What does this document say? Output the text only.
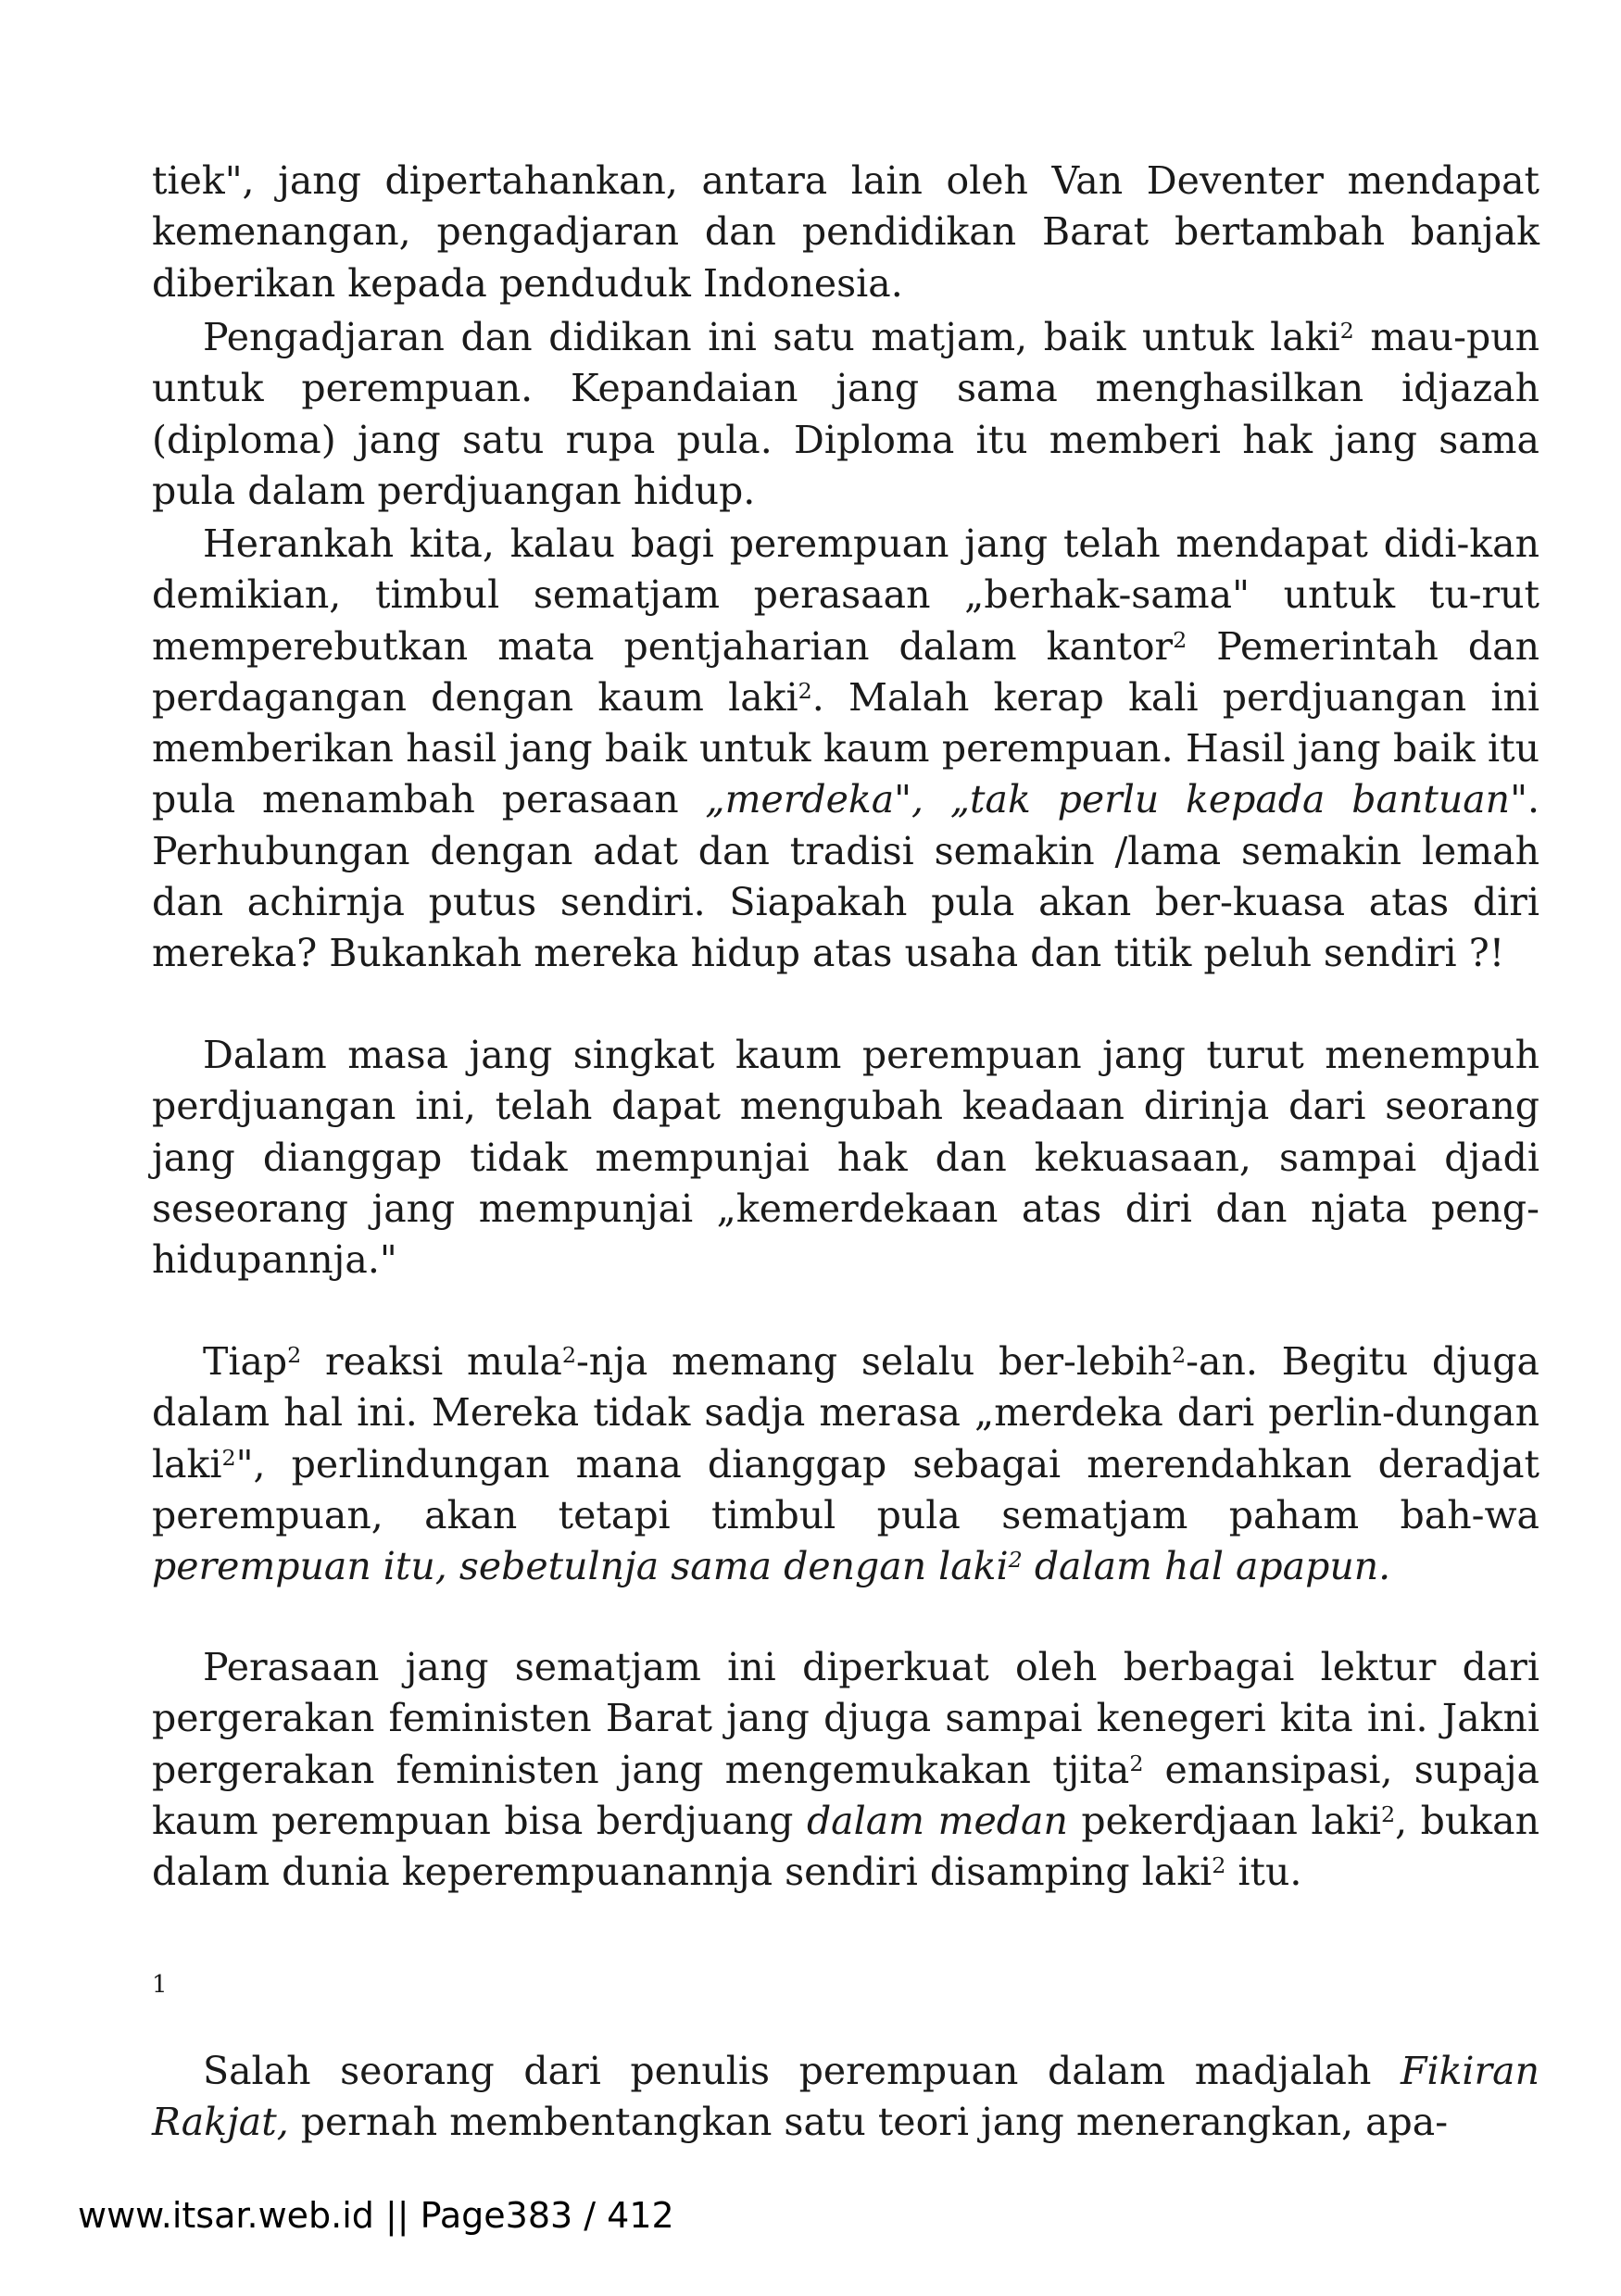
tiek", jang dipertahankan, antara lain oleh Van Deventer mendapat kemenangan, pengadjaran dan pendidikan Barat bertambah banjak diberikan kepada penduduk Indonesia.

Pengadjaran dan didikan ini satu matjam, baik untuk laki$^2$ mau-pun untuk perempuan. Kepandaian jang sama menghasilkan idjazah (diploma) jang satu rupa pula. Diploma itu memberi hak jang sama pula dalam perdjuangan hidup.

Herankah kita, kalau bagi perempuan jang telah mendapat didi-kan demikian, timbul sematjam perasaan „berhak-sama" untuk tu-rut memperebutkan mata pentjaharian dalam kantor$^2$ Pemerintah dan perdagangan dengan kaum laki$^2$. Malah kerap kali perdjuangan ini memberikan hasil jang baik untuk kaum perempuan. Hasil jang baik itu pula menambah perasaan „merdeka", „tak perlu kepada bantuan". Perhubungan dengan adat dan tradisi semakin /lama semakin lemah dan achirnja putus sendiri. Siapakah pula akan ber-kuasa atas diri mereka? Bukankah mereka hidup atas usaha dan titik peluh sendiri ?!

Dalam masa jang singkat kaum perempuan jang turut menempuh perdjuangan ini, telah dapat mengubah keadaan dirinja dari seorang jang dianggap tidak mempunjai hak dan kekuasaan, sampai djadi seseorang jang mempunjai „kemerdekaan atas diri dan njata peng-hidupannja."

Tiap$^2$ reaksi mula$^2$-nja memang selalu ber-lebih$^2$-an. Begitu djuga dalam hal ini. Mereka tidak sadja merasa „merdeka dari perlin-dungan laki$^2$", perlindungan mana dianggap sebagai merendahkan deradjat perempuan, akan tetapi timbul pula sematjam paham bah-wa perempuan itu, sebetulnja sama dengan laki$^2$ dalam hal apapun.

Perasaan jang sematjam ini diperkuat oleh berbagai lektur dari pergerakan feministen Barat jang djuga sampai kenegeri kita ini. Jakni pergerakan feministen jang mengemukakan tjita$^2$ emansipasi, supaja kaum perempuan bisa berdjuang dalam medan pekerdjaan laki$^2$, bukan dalam dunia keperempuanannja sendiri disamping laki$^2$ itu.

1

Salah seorang dari penulis perempuan dalam madjalah Fikiran Rakjat, pernah membentangkan satu teori jang menerangkan, apa-

www.itsar.web.id || Page383 / 412
